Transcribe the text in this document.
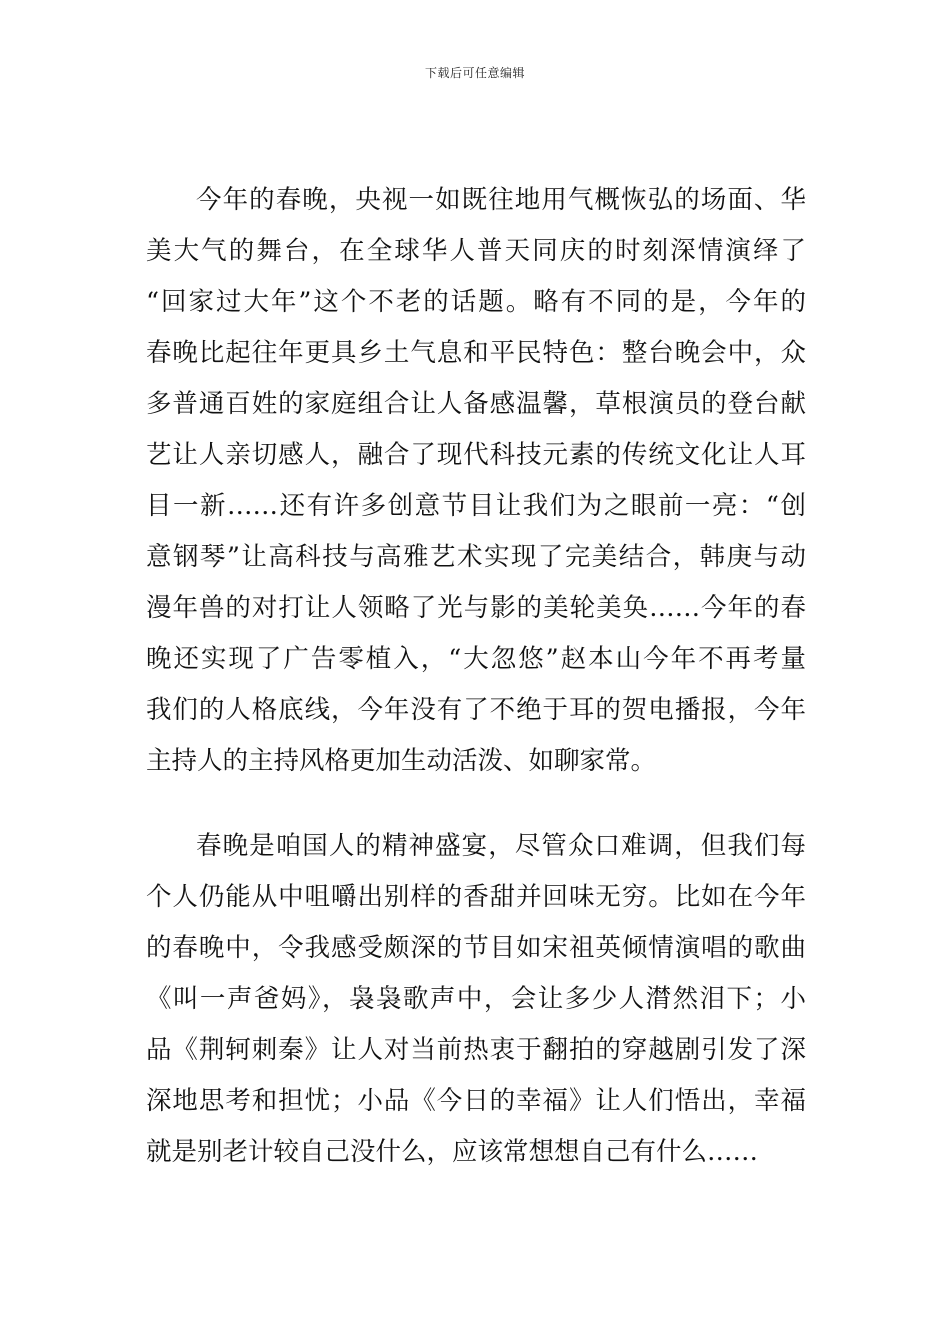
下载后可任意编辑
今年的春晚，央视一如既往地用气概恢弘的场面、华
美大气的舞台，在全球华人普天同庆的时刻深情演绎了
“回家过大年”这个不老的话题。略有不同的是，今年的
春晚比起往年更具乡土气息和平民特色：整台晚会中，众
多普通百姓的家庭组合让人备感温馨，草根演员的登台献
艺让人亲切感人，融合了现代科技元素的传统文化让人耳
目一新……还有许多创意节目让我们为之眼前一亮：“创
意钢琴”让高科技与高雅艺术实现了完美结合，韩庚与动
漫年兽的对打让人领略了光与影的美轮美奂……今年的春
晚还实现了广告零植入，“大忽悠”赵本山今年不再考量
我们的人格底线，今年没有了不绝于耳的贺电播报，今年
主持人的主持风格更加生动活泼、如聊家常。
春晚是咱国人的精神盛宴，尽管众口难调，但我们每
个人仍能从中咀嚼出别样的香甜并回味无穷。比如在今年
的春晚中，令我感受颇深的节目如宋祖英倾情演唱的歌曲
《叫一声爸妈》，袅袅歌声中，会让多少人潸然泪下；小
品《荆轲刺秦》让人对当前热衷于翻拍的穿越剧引发了深
深地思考和担忧；小品《今日的幸福》让人们悟出，幸福
就是别老计较自己没什么，应该常想想自己有什么……
